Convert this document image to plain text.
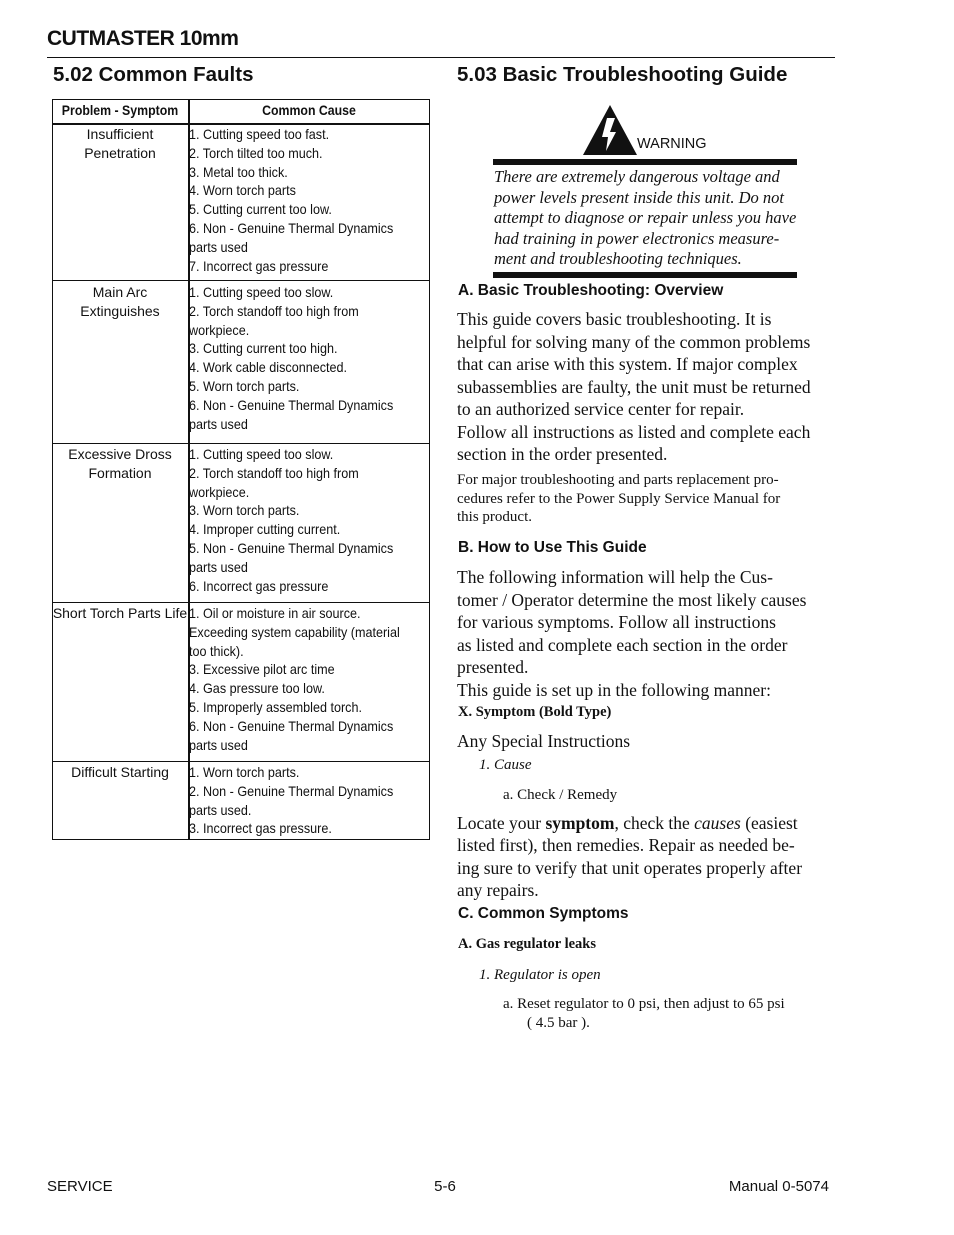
CUTMASTER 10mm
5.02 Common Faults
Problem - Symptom	Common Cause
Insufficient Penetration
1. Cutting speed too fast.
2. Torch tilted too much.
3. Metal too thick.
4. Worn torch parts
5. Cutting current too low.
6. Non - Genuine Thermal Dynamics
parts used
7. Incorrect gas pressure
Main Arc Extinguishes
1. Cutting speed too slow.
2. Torch standoff too high from
workpiece.
3. Cutting current too high.
4. Work cable disconnected.
5. Worn torch parts.
6. Non - Genuine Thermal Dynamics
parts used
Excessive Dross Formation
1. Cutting speed too slow.
2. Torch standoff too high from
workpiece.
3. Worn torch parts.
4. Improper cutting current.
5. Non - Genuine Thermal Dynamics
parts used
6. Incorrect gas pressure
Short Torch Parts Life 1. Oil or moisture in air source.
Exceeding system capability (material
too thick).
3. Excessive pilot arc time
4. Gas pressure too low.
5. Improperly assembled torch.
6. Non - Genuine Thermal Dynamics
parts used
Difficult Starting	1. Worn torch parts.
2. Non - Genuine Thermal Dynamics
parts used.
3. Incorrect gas pressure.
5.03 Basic Troubleshooting Guide
WARNING
There are extremely dangerous voltage and
power levels present inside this unit. Do not
attempt to diagnose or repair unless you have
had training in power electronics measure-
ment and troubleshooting techniques.
A. Basic Troubleshooting: Overview
This guide covers basic troubleshooting. It is
helpful for solving many of the common problems
that can arise with this system. If major complex
subassemblies are faulty, the unit must be returned
to an authorized service center for repair.
Follow all instructions as listed and complete each
section in the order presented.
For major troubleshooting and parts replacement pro-
cedures refer to the Power Supply Service Manual for
this product.
B. How to Use This Guide
The following information will help the Cus-
tomer / Operator determine the most likely causes
for various symptoms. Follow all instructions
as listed and complete each section in the order
presented.
This guide is set up in the following manner:
X. Symptom (Bold Type)
Any Special Instructions
1. Cause
a. Check / Remedy
Locate your symptom, check the causes (easiest
listed first), then remedies. Repair as needed be-
ing sure to verify that unit operates properly after
any repairs.
C. Common Symptoms
A. Gas regulator leaks
1. Regulator is open
a. Reset regulator to 0 psi, then adjust to 65 psi
( 4.5 bar ).
SERVICE	5-6	Manual 0-5074
